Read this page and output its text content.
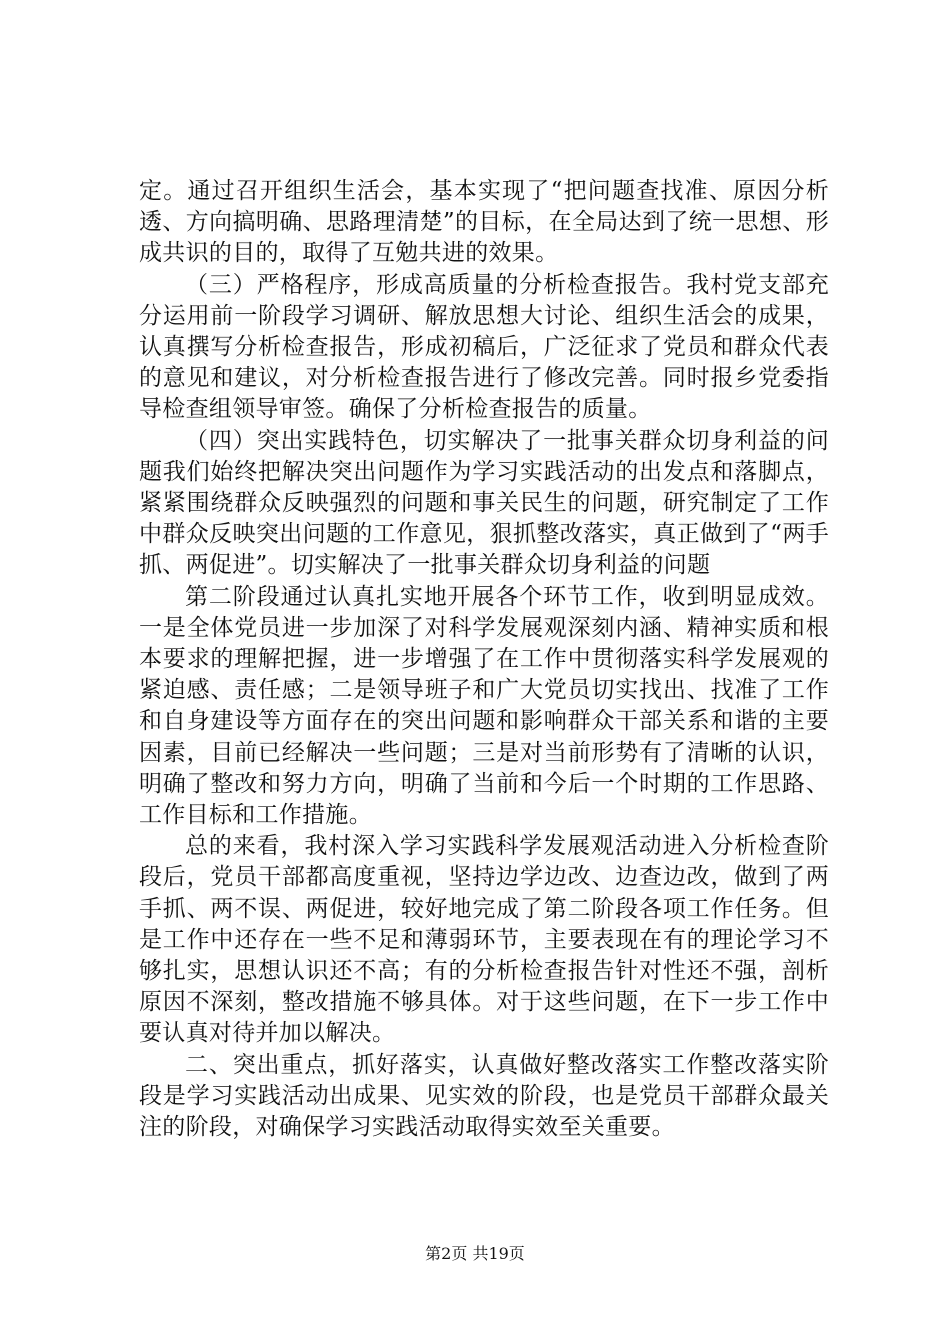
定。通过召开组织生活会，基本实现了“把问题查找准、原因分析透、方向搞明确、思路理清楚”的目标，在全局达到了统一思想、形成共识的目的，取得了互勉共进的效果。

（三）严格程序，形成高质量的分析检查报告。我村党支部充分运用前一阶段学习调研、解放思想大讨论、组织生活会的成果，认真撰写分析检查报告，形成初稿后，广泛征求了党员和群众代表的意见和建议，对分析检查报告进行了修改完善。同时报乡党委指导检查组领导审签。确保了分析检查报告的质量。

（四）突出实践特色，切实解决了一批事关群众切身利益的问题我们始终把解决突出问题作为学习实践活动的出发点和落脚点，紧紧围绕群众反映强烈的问题和事关民生的问题，研究制定了工作中群众反映突出问题的工作意见，狠抓整改落实，真正做到了“两手抓、两促进”。切实解决了一批事关群众切身利益的问题

第二阶段通过认真扎实地开展各个环节工作，收到明显成效。一是全体党员进一步加深了对科学发展观深刻内涵、精神实质和根本要求的理解把握，进一步增强了在工作中贯彻落实科学发展观的紧迫感、责任感；二是领导班子和广大党员切实找出、找准了工作和自身建设等方面存在的突出问题和影响群众干部关系和谐的主要因素，目前已经解决一些问题；三是对当前形势有了清晰的认识，明确了整改和努力方向，明确了当前和今后一个时期的工作思路、工作目标和工作措施。

总的来看，我村深入学习实践科学发展观活动进入分析检查阶段后，党员干部都高度重视，坚持边学边改、边查边改，做到了两手抓、两不误、两促进，较好地完成了第二阶段各项工作任务。但是工作中还存在一些不足和薄弱环节，主要表现在有的理论学习不够扎实，思想认识还不高；有的分析检查报告针对性还不强，剖析原因不深刻，整改措施不够具体。对于这些问题，在下一步工作中要认真对待并加以解决。

二、突出重点，抓好落实，认真做好整改落实工作整改落实阶段是学习实践活动出成果、见实效的阶段，也是党员干部群众最关注的阶段，对确保学习实践活动取得实效至关重要。

第2页 共19页
